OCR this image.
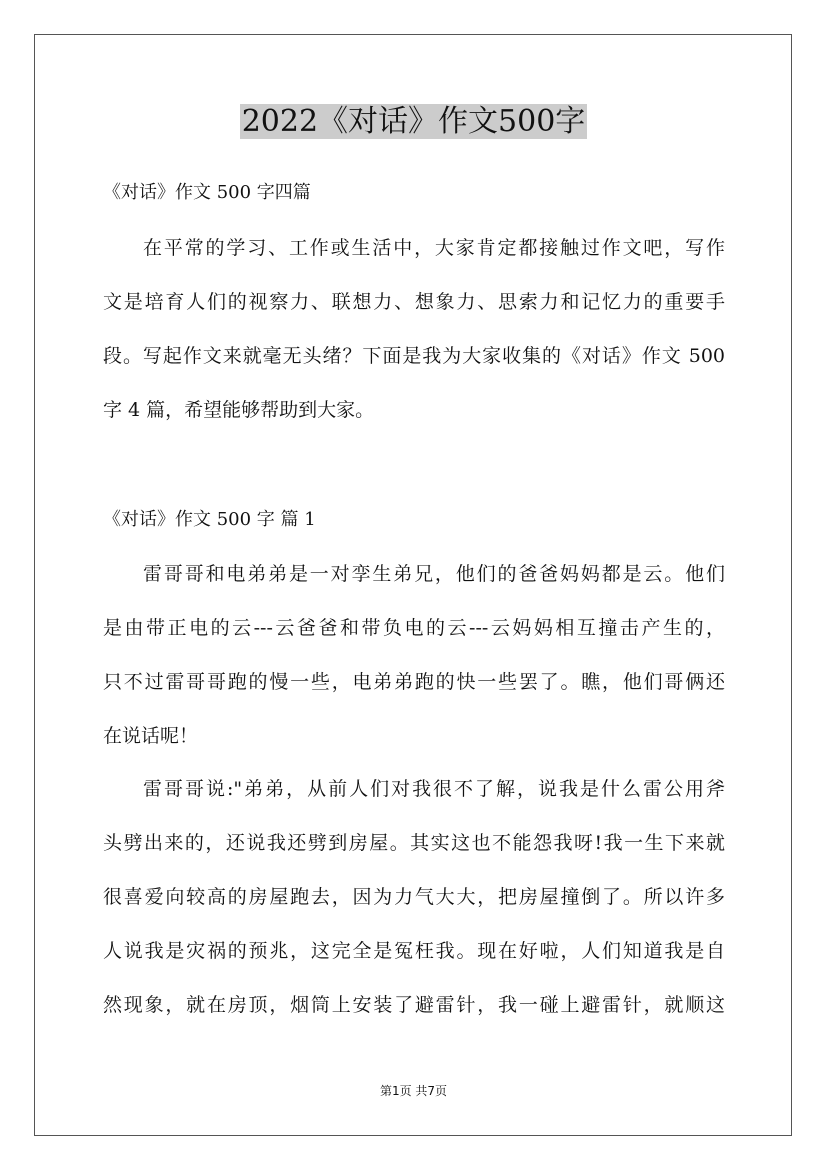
2022《对话》作文500字

《对话》作文 500 字四篇

在平常的学习、工作或生活中，大家肯定都接触过作文吧，写作

文是培育人们的视察力、联想力、想象力、思索力和记忆力的重要手

段。写起作文来就毫无头绪？下面是我为大家收集的《对话》作文 500

字 4 篇，希望能够帮助到大家。

《对话》作文 500 字 篇 1

雷哥哥和电弟弟是一对孪生弟兄，他们的爸爸妈妈都是云。他们

是由带正电的云---云爸爸和带负电的云---云妈妈相互撞击产生的，

只不过雷哥哥跑的慢一些，电弟弟跑的快一些罢了。瞧，他们哥俩还

在说话呢！

雷哥哥说:"弟弟，从前人们对我很不了解，说我是什么雷公用斧

头劈出来的，还说我还劈到房屋。其实这也不能怨我呀!我一生下来就

很喜爱向较高的房屋跑去，因为力气大大，把房屋撞倒了。所以许多

人说我是灾祸的预兆，这完全是冤枉我。现在好啦，人们知道我是自

然现象，就在房顶，烟筒上安装了避雷针，我一碰上避雷针，就顺这

第1页 共7页
